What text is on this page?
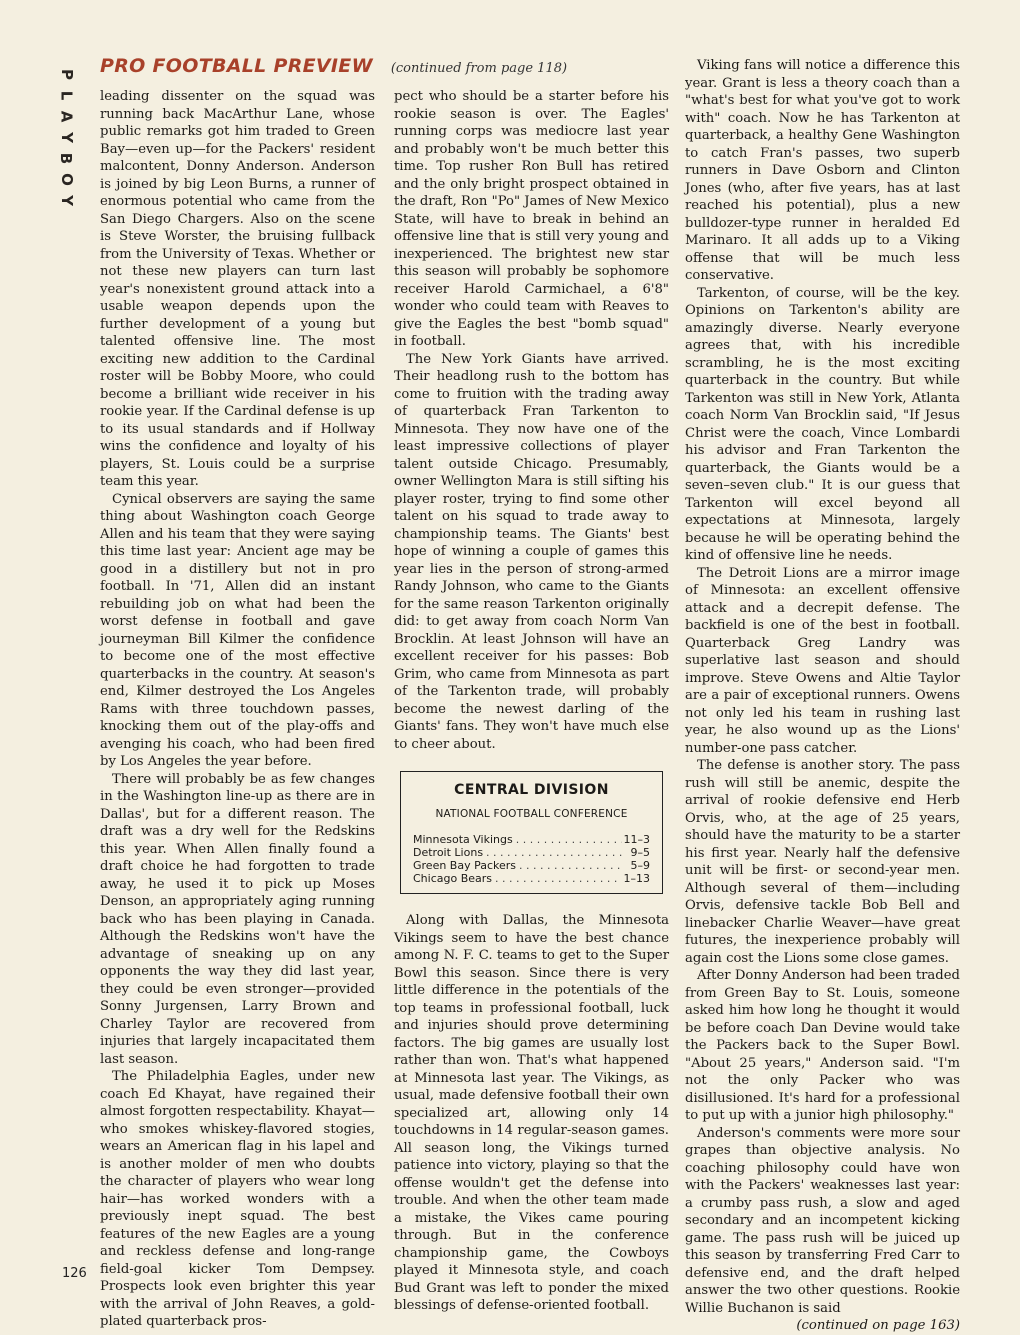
P
L
A
Y
B
O
Y
PRO FOOTBALL PREVIEW (continued from page 118)

leading dissenter on the squad was running back MacArthur Lane, whose public remarks got him traded to Green Bay—even up—for the Packers' resident malcontent, Donny Anderson. Anderson is joined by big Leon Burns, a runner of enormous potential who came from the San Diego Chargers. Also on the scene is Steve Worster, the bruising fullback from the University of Texas. Whether or not these new players can turn last year's nonexistent ground attack into a usable weapon depends upon the further development of a young but talented offensive line. The most exciting new addition to the Cardinal roster will be Bobby Moore, who could become a brilliant wide receiver in his rookie year. If the Cardinal defense is up to its usual standards and if Hollway wins the confidence and loyalty of his players, St. Louis could be a surprise team this year.

Cynical observers are saying the same thing about Washington coach George Allen and his team that they were saying this time last year: Ancient age may be good in a distillery but not in pro football. In '71, Allen did an instant rebuilding job on what had been the worst defense in football and gave journeyman Bill Kilmer the confidence to become one of the most effective quarterbacks in the country. At season's end, Kilmer destroyed the Los Angeles Rams with three touchdown passes, knocking them out of the play-offs and avenging his coach, who had been fired by Los Angeles the year before.

There will probably be as few changes in the Washington line-up as there are in Dallas', but for a different reason. The draft was a dry well for the Redskins this year. When Allen finally found a draft choice he had forgotten to trade away, he used it to pick up Moses Denson, an appropriately aging running back who has been playing in Canada. Although the Redskins won't have the advantage of sneaking up on any opponents the way they did last year, they could be even stronger—provided Sonny Jurgensen, Larry Brown and Charley Taylor are recovered from injuries that largely incapacitated them last season.

The Philadelphia Eagles, under new coach Ed Khayat, have regained their almost forgotten respectability. Khayat—who smokes whiskey-flavored stogies, wears an American flag in his lapel and is another molder of men who doubts the character of players who wear long hair—has worked wonders with a previously inept squad. The best features of the new Eagles are a young and reckless defense and long-range field-goal kicker Tom Dempsey. Prospects look even brighter this year with the arrival of John Reaves, a gold-plated quarterback pros-

pect who should be a starter before his rookie season is over. The Eagles' running corps was mediocre last year and probably won't be much better this time. Top rusher Ron Bull has retired and the only bright prospect obtained in the draft, Ron "Po" James of New Mexico State, will have to break in behind an offensive line that is still very young and inexperienced. The brightest new star this season will probably be sophomore receiver Harold Carmichael, a 6'8" wonder who could team with Reaves to give the Eagles the best "bomb squad" in football.

The New York Giants have arrived. Their headlong rush to the bottom has come to fruition with the trading away of quarterback Fran Tarkenton to Minnesota. They now have one of the least impressive collections of player talent outside Chicago. Presumably, owner Wellington Mara is still sifting his player roster, trying to find some other talent on his squad to trade away to championship teams. The Giants' best hope of winning a couple of games this year lies in the person of strong-armed Randy Johnson, who came to the Giants for the same reason Tarkenton originally did: to get away from coach Norm Van Brocklin. At least Johnson will have an excellent receiver for his passes: Bob Grim, who came from Minnesota as part of the Tarkenton trade, will probably become the newest darling of the Giants' fans. They won't have much else to cheer about.

CENTRAL DIVISION
NATIONAL FOOTBALL CONFERENCE
Minnesota Vikings . . .	11–3
Detroit Lions . . .	9–5
Green Bay Packers . . .	5–9
Chicago Bears . . .	1–13

Along with Dallas, the Minnesota Vikings seem to have the best chance among N. F. C. teams to get to the Super Bowl this season. Since there is very little difference in the potentials of the top teams in professional football, luck and injuries should prove determining factors. The big games are usually lost rather than won. That's what happened at Minnesota last year. The Vikings, as usual, made defensive football their own specialized art, allowing only 14 touchdowns in 14 regular-season games. All season long, the Vikings turned patience into victory, playing so that the offense wouldn't get the defense into trouble. And when the other team made a mistake, the Vikes came pouring through. But in the conference championship game, the Cowboys played it Minnesota style, and coach Bud Grant was left to ponder the mixed blessings of defense-oriented football.

Viking fans will notice a difference this year. Grant is less a theory coach than a "what's best for what you've got to work with" coach. Now he has Tarkenton at quarterback, a healthy Gene Washington to catch Fran's passes, two superb runners in Dave Osborn and Clinton Jones (who, after five years, has at last reached his potential), plus a new bulldozer-type runner in heralded Ed Marinaro. It all adds up to a Viking offense that will be much less conservative.

Tarkenton, of course, will be the key. Opinions on Tarkenton's ability are amazingly diverse. Nearly everyone agrees that, with his incredible scrambling, he is the most exciting quarterback in the country. But while Tarkenton was still in New York, Atlanta coach Norm Van Brocklin said, "If Jesus Christ were the coach, Vince Lombardi his advisor and Fran Tarkenton the quarterback, the Giants would be a seven–seven club." It is our guess that Tarkenton will excel beyond all expectations at Minnesota, largely because he will be operating behind the kind of offensive line he needs.

The Detroit Lions are a mirror image of Minnesota: an excellent offensive attack and a decrepit defense. The backfield is one of the best in football. Quarterback Greg Landry was superlative last season and should improve. Steve Owens and Altie Taylor are a pair of exceptional runners. Owens not only led his team in rushing last year, he also wound up as the Lions' number-one pass catcher.

The defense is another story. The pass rush will still be anemic, despite the arrival of rookie defensive end Herb Orvis, who, at the age of 25 years, should have the maturity to be a starter his first year. Nearly half the defensive unit will be first- or second-year men. Although several of them—including Orvis, defensive tackle Bob Bell and linebacker Charlie Weaver—have great futures, the inexperience probably will again cost the Lions some close games.

After Donny Anderson had been traded from Green Bay to St. Louis, someone asked him how long he thought it would be before coach Dan Devine would take the Packers back to the Super Bowl. "About 25 years," Anderson said. "I'm not the only Packer who was disillusioned. It's hard for a professional to put up with a junior high philosophy."

Anderson's comments were more sour grapes than objective analysis. No coaching philosophy could have won with the Packers' weaknesses last year: a crumby pass rush, a slow and aged secondary and an incompetent kicking game. The pass rush will be juiced up this season by transferring Fred Carr to defensive end, and the draft helped answer the two other questions. Rookie Willie Buchanon is said

(continued on page 163)
126
